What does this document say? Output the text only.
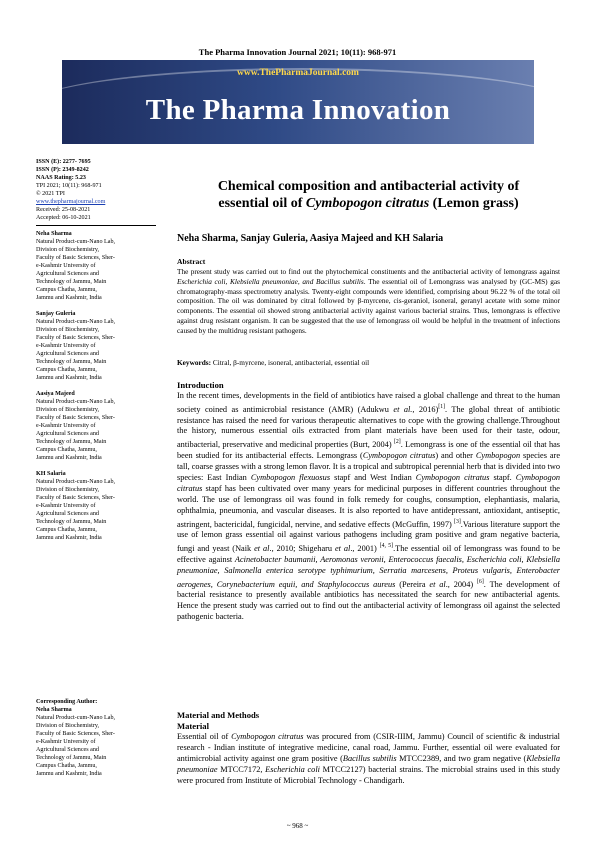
The Pharma Innovation Journal 2021; 10(11): 968-971
www.ThePharmaJournal.com
The Pharma Innovation
ISSN (E): 2277- 7695
ISSN (P): 2349-8242
NAAS Rating: 5.23
TPI 2021; 10(11): 968-971
© 2021 TPI
www.thepharmajournal.com
Received: 25-08-2021
Accepted: 06-10-2021
Neha Sharma
Natural Product-cum-Nano Lab,
Division of Biochemistry,
Faculty of Basic Sciences, Sher-
e-Kashmir University of
Agricultural Sciences and
Technology of Jammu, Main
Campus Chatha, Jammu,
Jammu and Kashmir, India
Sanjay Guleria
Natural Product-cum-Nano Lab,
Division of Biochemistry,
Faculty of Basic Sciences, Sher-
e-Kashmir University of
Agricultural Sciences and
Technology of Jammu, Main
Campus Chatha, Jammu,
Jammu and Kashmir, India
Aasiya Majeed
Natural Product-cum-Nano Lab,
Division of Biochemistry,
Faculty of Basic Sciences, Sher-
e-Kashmir University of
Agricultural Sciences and
Technology of Jammu, Main
Campus Chatha, Jammu,
Jammu and Kashmir, India
KH Salaria
Natural Product-cum-Nano Lab,
Division of Biochemistry,
Faculty of Basic Sciences, Sher-
e-Kashmir University of
Agricultural Sciences and
Technology of Jammu, Main
Campus Chatha, Jammu,
Jammu and Kashmir, India
Corresponding Author:
Neha Sharma
Natural Product-cum-Nano Lab,
Division of Biochemistry,
Faculty of Basic Sciences, Sher-
e-Kashmir University of
Agricultural Sciences and
Technology of Jammu, Main
Campus Chatha, Jammu,
Jammu and Kashmir, India
Chemical composition and antibacterial activity of
essential oil of Cymbopogon citratus (Lemon grass)
Neha Sharma, Sanjay Guleria, Aasiya Majeed and KH Salaria
Abstract
The present study was carried out to find out the phytochemical constituents and the antibacterial activity of lemongrass against Escherichia coli, Klebsiella pneumoniae, and Bacillus subtilis. The essential oil of Lemongrass was analysed by (GC-MS) gas chromatography-mass spectrometry analysis. Twenty-eight compounds were identified, comprising about 96.22 % of the total oil composition. The oil was dominated by citral followed by β-myrcene, cis-geraniol, isoneral, geranyl acetate with some minor components. The essential oil showed strong antibacterial activity against various bacterial strains. Thus, lemongrass is effective against drug resistant organism. It can be suggested that the use of lemongrass oil would be helpful in the treatment of infections caused by the multidrug resistant pathogens.
Keywords: Citral, β-myrcene, isoneral, antibacterial, essential oil
Introduction
In the recent times, developments in the field of antibiotics have raised a global challenge and threat to the human society coined as antimicrobial resistance (AMR) (Adukwu et al., 2016)[1]. The global threat of antibiotic resistance has raised the need for various therapeutic alternatives to cope with the growing challenge.Throughout the history, numerous essential oils extracted from plant materials have been used for their taste, odour, antibacterial, preservative and medicinal properties (Burt, 2004) [2]. Lemongrass is one of the essential oil that has been studied for its antibacterial effects. Lemongrass (Cymbopogon citratus) and other Cymbopogon species are tall, coarse grasses with a strong lemon flavor. It is a tropical and subtropical perennial herb that is divided into two species: East Indian Cymbopogon flexuosus stapf and West Indian Cymbopogon citratus stapf. Cymbopogon citratus stapf has been cultivated over many years for medicinal purposes in different countries throughout the world. The use of lemongrass oil was found in folk remedy for coughs, consumption, elephantiasis, malaria, ophthalmia, pneumonia, and vascular diseases. It is also reported to have antidepressant, antioxidant, antiseptic, astringent, bactericidal, fungicidal, nervine, and sedative effects (McGuffin, 1997) [3].Various literature support the use of lemon grass essential oil against various pathogens including gram positive and gram negative bacteria, fungi and yeast (Naik et al., 2010; Shigeharu et al., 2001) [4, 5].The essential oil of lemongrass was found to be effective against Acinetobacter baumanii, Aeromonas veronii, Enterococcus faecalis, Escherichia coli, Klebsiella pneumoniae, Salmonella enterica serotype typhimurium, Serratia marcesens, Proteus vulgaris, Enterobacter aerogenes, Corynebacterium equii, and Staphylococcus aureus (Pereira et al., 2004) [6]. The development of bacterial resistance to presently available antibiotics has necessitated the search for new antibacterial agents. Hence the present study was carried out to find out the antibacterial activity of lemongrass oil against the selected pathogenic bacteria.
Material and Methods
Material
Essential oil of Cymbopogon citratus was procured from (CSIR-IIIM, Jammu) Council of scientific & industrial research - Indian institute of integrative medicine, canal road, Jammu. Further, essential oil were evaluated for antimicrobial activity against one gram positive (Bacillus subtilis MTCC2389, and two gram negative (Klebsiella pneumoniae MTCC7172, Escherichia coli MTCC2127) bacterial strains. The microbial strains used in this study were procured from Institute of Microbial Technology - Chandigarh.
~ 968 ~
